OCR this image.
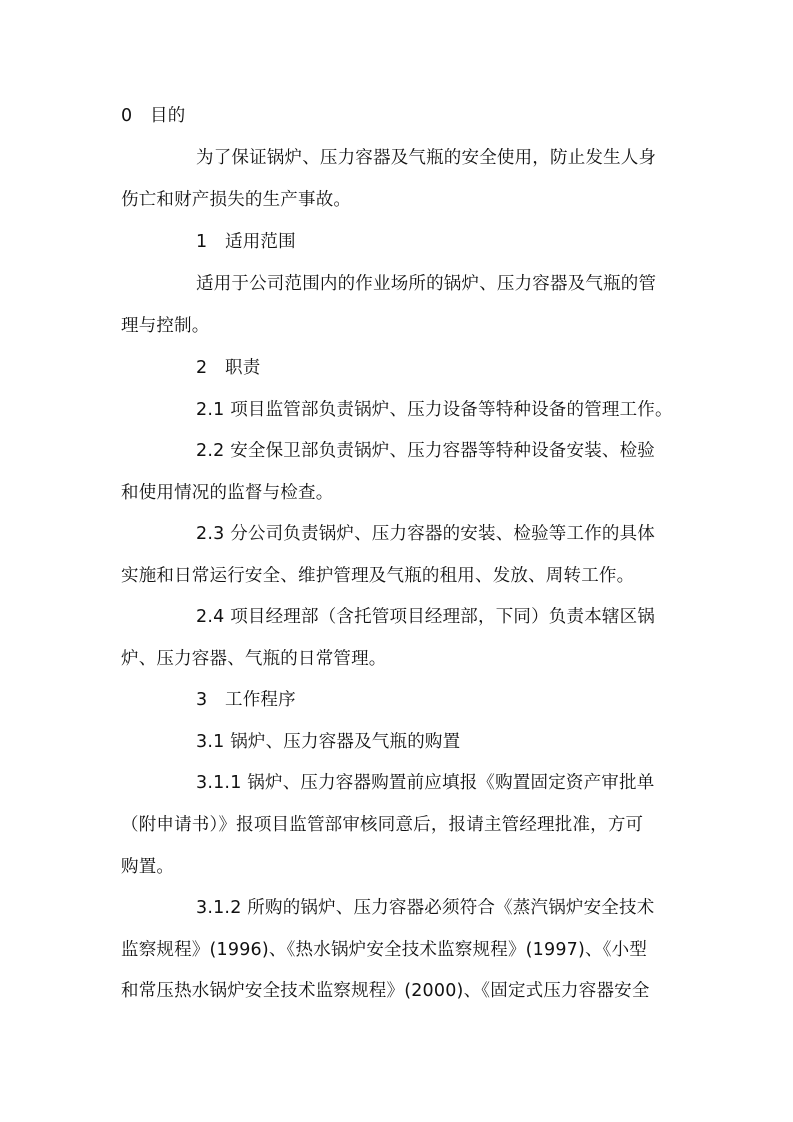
0　目的
为了保证锅炉、压力容器及气瓶的安全使用，防止发生人身
伤亡和财产损失的生产事故。
1　适用范围
适用于公司范围内的作业场所的锅炉、压力容器及气瓶的管
理与控制。
2　职责
2.1 项目监管部负责锅炉、压力设备等特种设备的管理工作。
2.2 安全保卫部负责锅炉、压力容器等特种设备安装、检验
和使用情况的监督与检查。
2.3 分公司负责锅炉、压力容器的安装、检验等工作的具体
实施和日常运行安全、维护管理及气瓶的租用、发放、周转工作。
2.4 项目经理部（含托管项目经理部，下同）负责本辖区锅
炉、压力容器、气瓶的日常管理。
3　工作程序
3.1 锅炉、压力容器及气瓶的购置
3.1.1 锅炉、压力容器购置前应填报《购置固定资产审批单
（附申请书）》报项目监管部审核同意后，报请主管经理批准，方可
购置。
3.1.2 所购的锅炉、压力容器必须符合《蒸汽锅炉安全技术
监察规程》(1996)、《热水锅炉安全技术监察规程》(1997)、《小型
和常压热水锅炉安全技术监察规程》(2000)、《固定式压力容器安全
